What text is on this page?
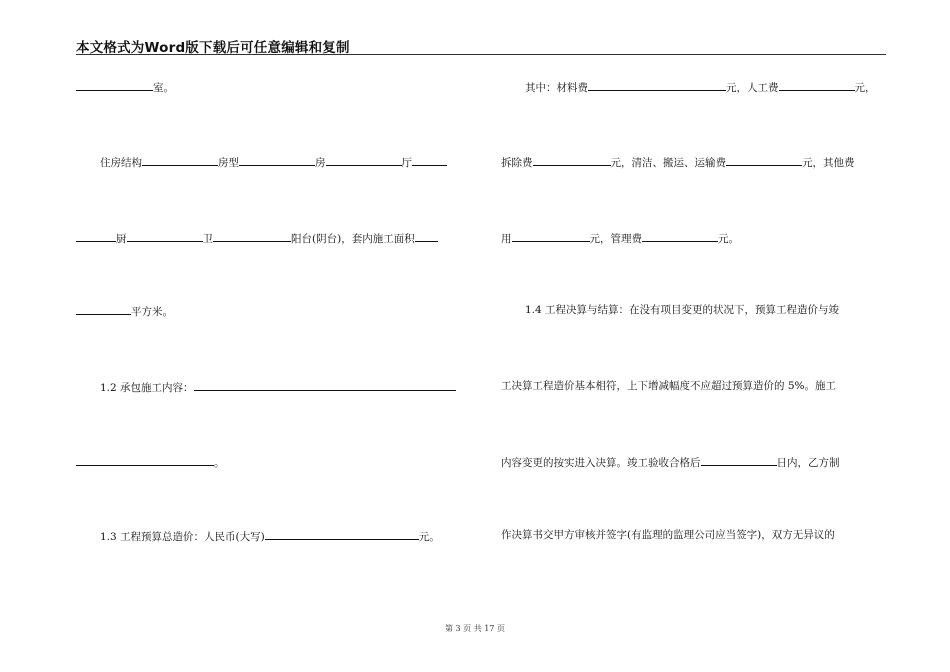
本文格式为Word版下载后可任意编辑和复制
室。
住房结构	房型	房	厅
厨	卫	阳台(阴台)，套内施工面积
平方米。
1.2 承包施工内容：
。
1.3 工程预算总造价：人民币(大写)	元。
其中：材料费	元，人工费	元，
拆除费	元，清洁、搬运、运输费	元，其他费
用	元，管理费	元。
1.4 工程决算与结算：在没有项目变更的状况下，预算工程造价与竣
工决算工程造价基本相符，上下增减幅度不应超过预算造价的 5%。施工
内容变更的按实进入决算。竣工验收合格后	日内，乙方制
作决算书交甲方审核并签字(有监理的监理公司应当签字)，双方无异议的
第 3 页 共 17 页
